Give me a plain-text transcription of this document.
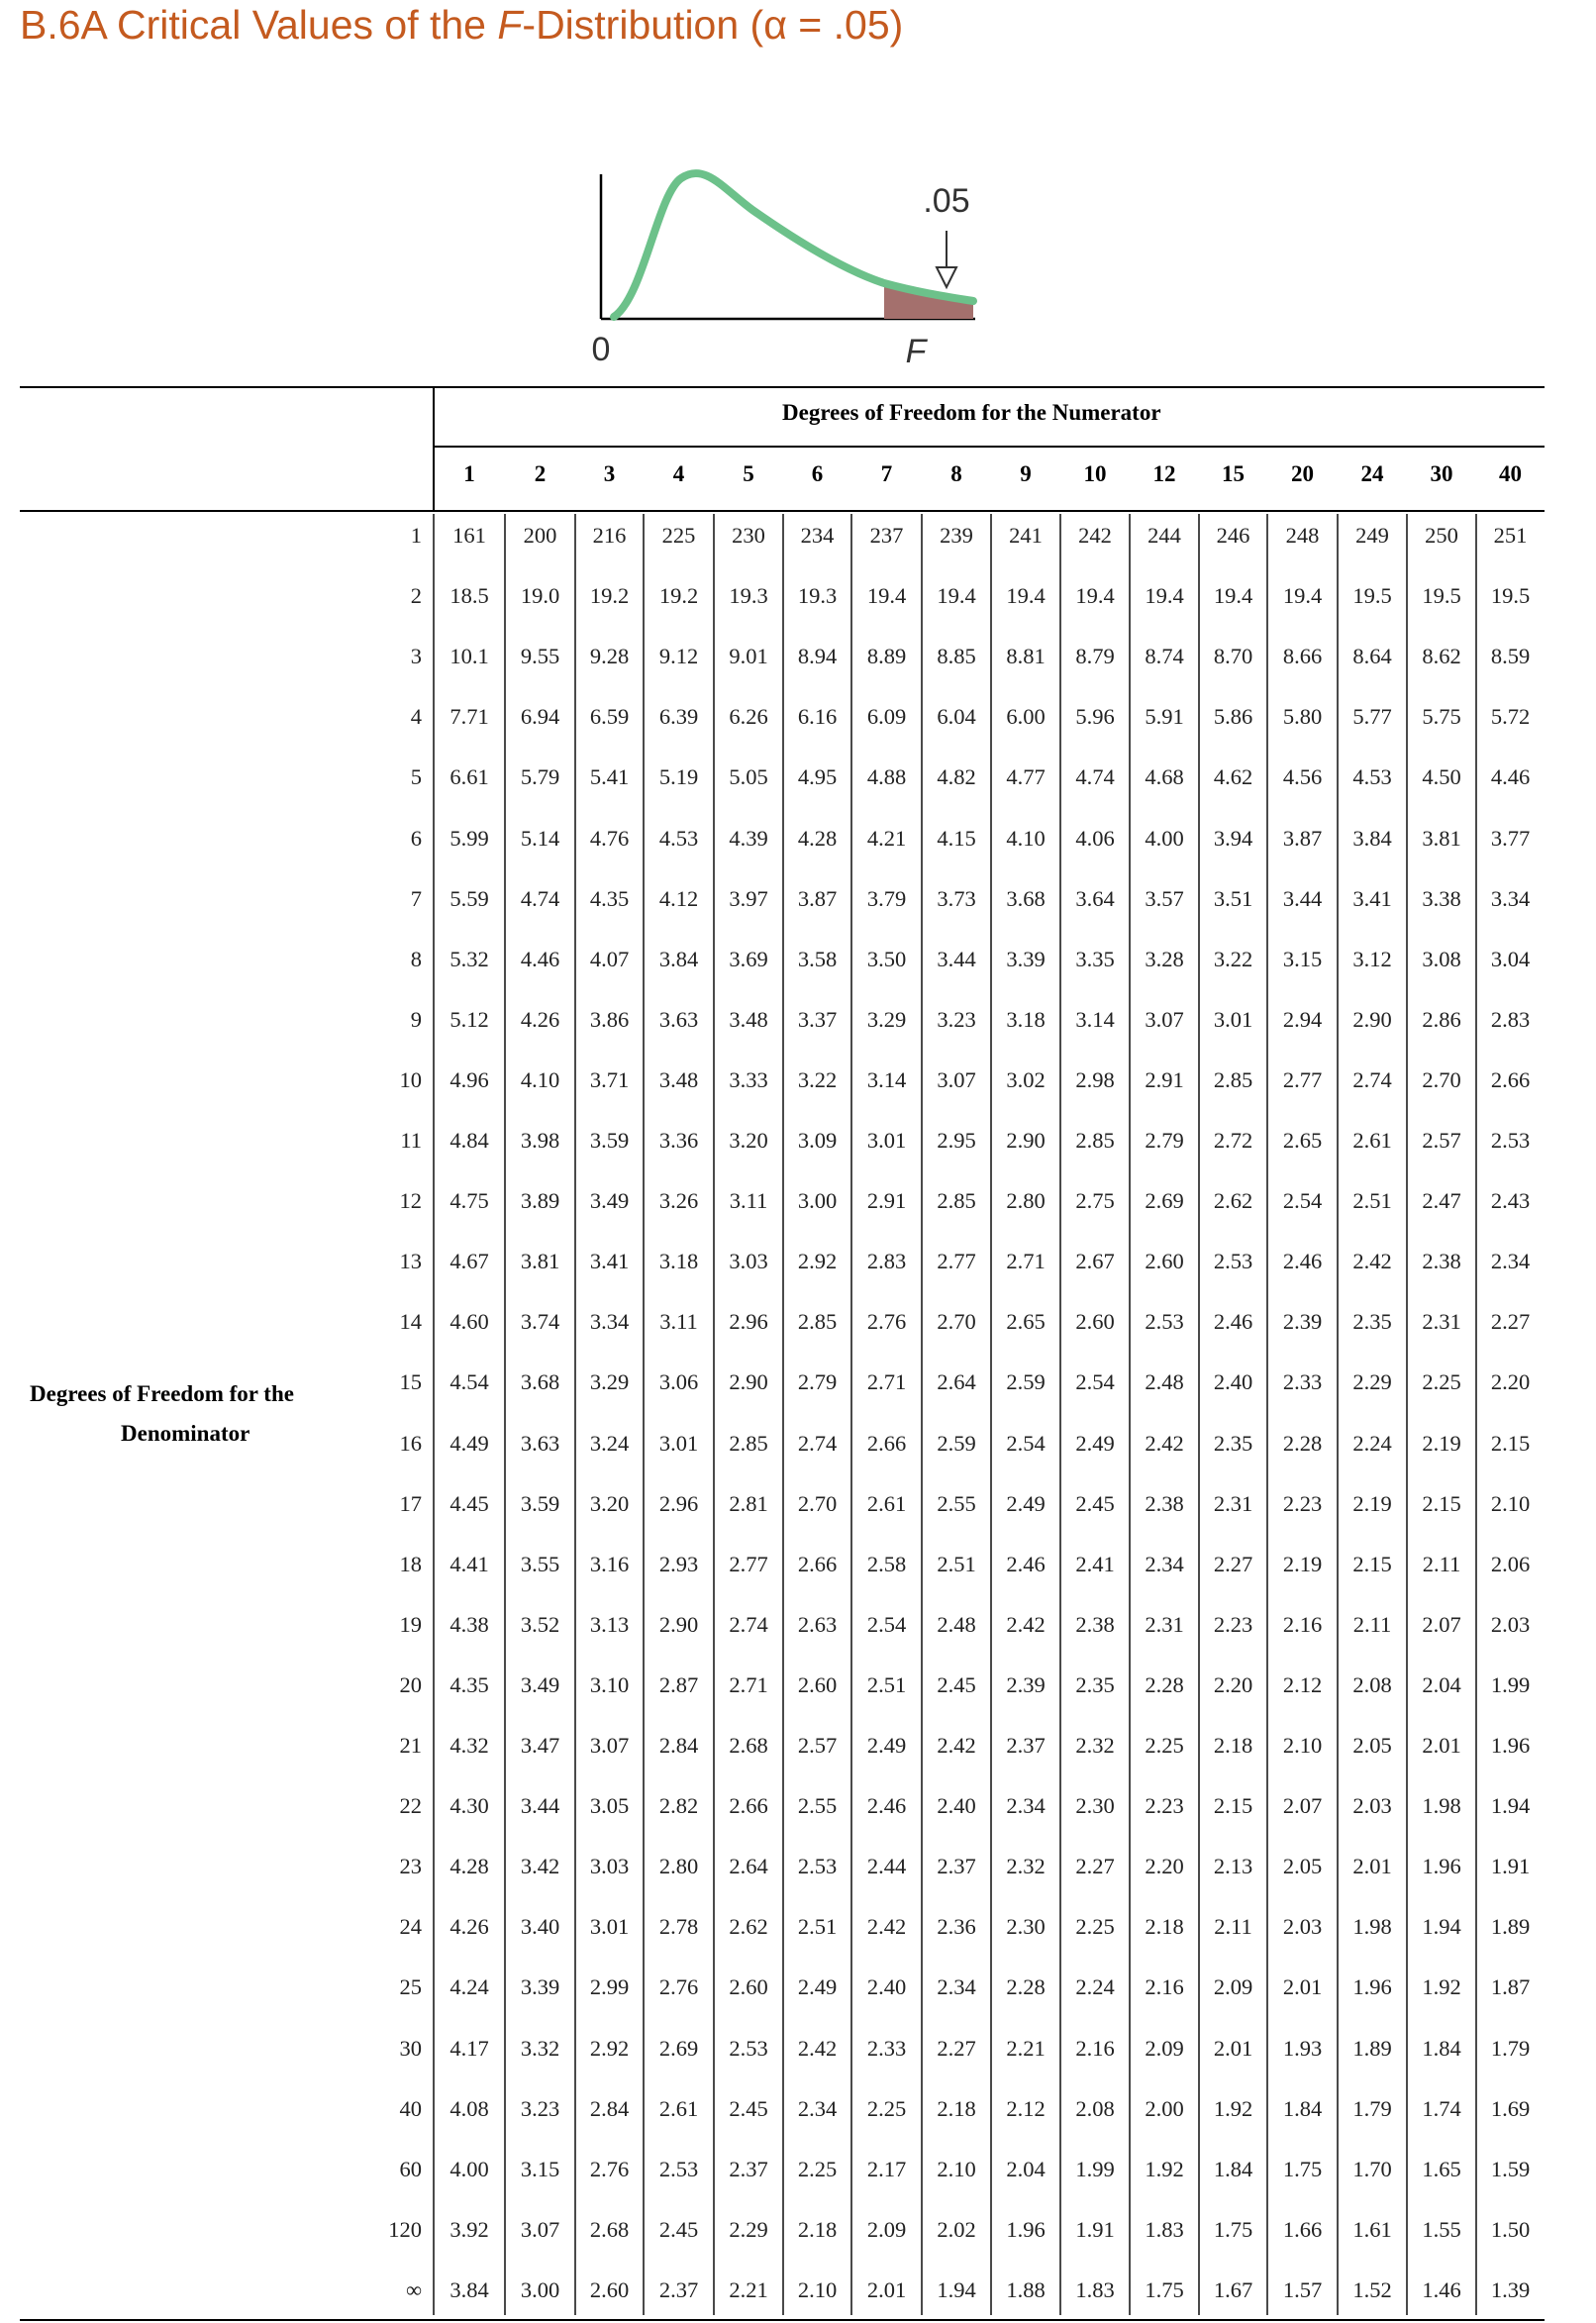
B.6A Critical Values of the F-Distribution (α = .05)
.05
0	F
Degrees of Freedom for the Numerator
Degrees of Freedom for the
Denominator
1	2	3	4	5	6	7	8	9	10	12	15	20	24	30	40
1	161	200	216	225	230	234	237	239	241	242	244	246	248	249	250	251
2	18.5	19.0	19.2	19.2	19.3	19.3	19.4	19.4	19.4	19.4	19.4	19.4	19.4	19.5	19.5	19.5
3	10.1	9.55	9.28	9.12	9.01	8.94	8.89	8.85	8.81	8.79	8.74	8.70	8.66	8.64	8.62	8.59
4	7.71	6.94	6.59	6.39	6.26	6.16	6.09	6.04	6.00	5.96	5.91	5.86	5.80	5.77	5.75	5.72
5	6.61	5.79	5.41	5.19	5.05	4.95	4.88	4.82	4.77	4.74	4.68	4.62	4.56	4.53	4.50	4.46
6	5.99	5.14	4.76	4.53	4.39	4.28	4.21	4.15	4.10	4.06	4.00	3.94	3.87	3.84	3.81	3.77
7	5.59	4.74	4.35	4.12	3.97	3.87	3.79	3.73	3.68	3.64	3.57	3.51	3.44	3.41	3.38	3.34
8	5.32	4.46	4.07	3.84	3.69	3.58	3.50	3.44	3.39	3.35	3.28	3.22	3.15	3.12	3.08	3.04
9	5.12	4.26	3.86	3.63	3.48	3.37	3.29	3.23	3.18	3.14	3.07	3.01	2.94	2.90	2.86	2.83
10	4.96	4.10	3.71	3.48	3.33	3.22	3.14	3.07	3.02	2.98	2.91	2.85	2.77	2.74	2.70	2.66
11	4.84	3.98	3.59	3.36	3.20	3.09	3.01	2.95	2.90	2.85	2.79	2.72	2.65	2.61	2.57	2.53
12	4.75	3.89	3.49	3.26	3.11	3.00	2.91	2.85	2.80	2.75	2.69	2.62	2.54	2.51	2.47	2.43
13	4.67	3.81	3.41	3.18	3.03	2.92	2.83	2.77	2.71	2.67	2.60	2.53	2.46	2.42	2.38	2.34
14	4.60	3.74	3.34	3.11	2.96	2.85	2.76	2.70	2.65	2.60	2.53	2.46	2.39	2.35	2.31	2.27
15	4.54	3.68	3.29	3.06	2.90	2.79	2.71	2.64	2.59	2.54	2.48	2.40	2.33	2.29	2.25	2.20
16	4.49	3.63	3.24	3.01	2.85	2.74	2.66	2.59	2.54	2.49	2.42	2.35	2.28	2.24	2.19	2.15
17	4.45	3.59	3.20	2.96	2.81	2.70	2.61	2.55	2.49	2.45	2.38	2.31	2.23	2.19	2.15	2.10
18	4.41	3.55	3.16	2.93	2.77	2.66	2.58	2.51	2.46	2.41	2.34	2.27	2.19	2.15	2.11	2.06
19	4.38	3.52	3.13	2.90	2.74	2.63	2.54	2.48	2.42	2.38	2.31	2.23	2.16	2.11	2.07	2.03
20	4.35	3.49	3.10	2.87	2.71	2.60	2.51	2.45	2.39	2.35	2.28	2.20	2.12	2.08	2.04	1.99
21	4.32	3.47	3.07	2.84	2.68	2.57	2.49	2.42	2.37	2.32	2.25	2.18	2.10	2.05	2.01	1.96
22	4.30	3.44	3.05	2.82	2.66	2.55	2.46	2.40	2.34	2.30	2.23	2.15	2.07	2.03	1.98	1.94
23	4.28	3.42	3.03	2.80	2.64	2.53	2.44	2.37	2.32	2.27	2.20	2.13	2.05	2.01	1.96	1.91
24	4.26	3.40	3.01	2.78	2.62	2.51	2.42	2.36	2.30	2.25	2.18	2.11	2.03	1.98	1.94	1.89
25	4.24	3.39	2.99	2.76	2.60	2.49	2.40	2.34	2.28	2.24	2.16	2.09	2.01	1.96	1.92	1.87
30	4.17	3.32	2.92	2.69	2.53	2.42	2.33	2.27	2.21	2.16	2.09	2.01	1.93	1.89	1.84	1.79
40	4.08	3.23	2.84	2.61	2.45	2.34	2.25	2.18	2.12	2.08	2.00	1.92	1.84	1.79	1.74	1.69
60	4.00	3.15	2.76	2.53	2.37	2.25	2.17	2.10	2.04	1.99	1.92	1.84	1.75	1.70	1.65	1.59
120	3.92	3.07	2.68	2.45	2.29	2.18	2.09	2.02	1.96	1.91	1.83	1.75	1.66	1.61	1.55	1.50
∞	3.84	3.00	2.60	2.37	2.21	2.10	2.01	1.94	1.88	1.83	1.75	1.67	1.57	1.52	1.46	1.39
